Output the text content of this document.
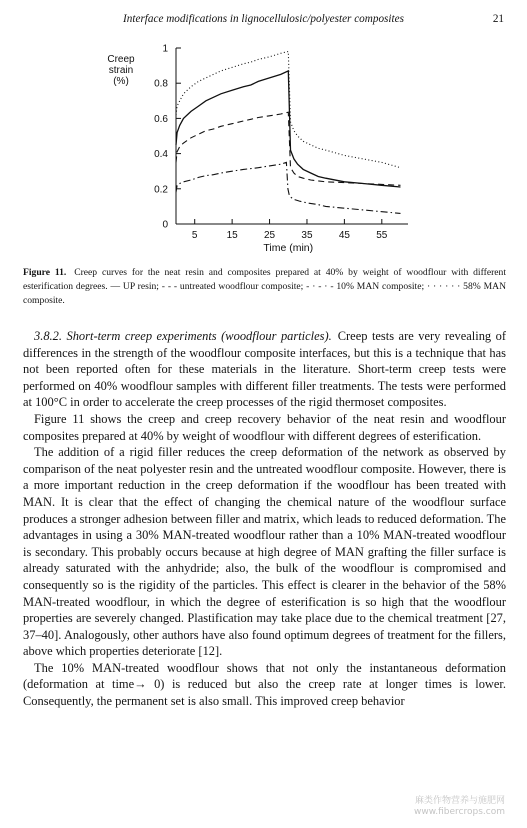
Interface modifications in lignocellulosic/polyester composites	21
0
0.2
0.4
0.6
0.8
1
5	15	25	35	45	55
Creep strain (%)
Time (min)
Figure 11. Creep curves for the neat resin and composites prepared at 40% by weight of woodflour with different esterification degrees. — UP resin; - - - untreated woodflour composite; - · - · - 10% MAN composite; · · · · · · 58% MAN composite.

3.8.2. Short-term creep experiments (woodflour particles). Creep tests are very revealing of differences in the strength of the woodflour composite interfaces, but this is a technique that has not been reported often for these materials in the literature. Short-term creep tests were performed on 40% woodflour samples with different filler treatments. The tests were performed at 100°C in order to accelerate the creep processes of the rigid thermoset composites.

Figure 11 shows the creep and creep recovery behavior of the neat resin and woodflour composites prepared at 40% by weight of woodflour with different degrees of esterification.

The addition of a rigid filler reduces the creep deformation of the network as observed by comparison of the neat polyester resin and the untreated woodflour composite. However, there is a more important reduction in the creep deformation if the woodflour has been treated with MAN. It is clear that the effect of changing the chemical nature of the woodflour surface produces a stronger adhesion between filler and matrix, which leads to reduced deformation. The advantages in using a 30% MAN-treated woodflour rather than a 10% MAN-treated woodflour is secondary. This probably occurs because at high degree of MAN grafting the filler surface is already saturated with the anhydride; also, the bulk of the woodflour is compromised and consequently so is the rigidity of the particles. This effect is clearer in the behavior of the 58% MAN-treated woodflour, in which the degree of esterification is so high that the woodflour properties are severely changed. Plastification may take place due to the chemical treatment [27, 37–40]. Analogously, other authors have also found optimum degrees of treatment for the fillers, above which properties deteriorate [12].

The 10% MAN-treated woodflour shows that not only the instantaneous deformation (deformation at time→ 0) is reduced but also the creep rate at longer times is lower. Consequently, the permanent set is also small. This improved creep behavior

麻类作物营养与施肥网
www.fibercrops.com
